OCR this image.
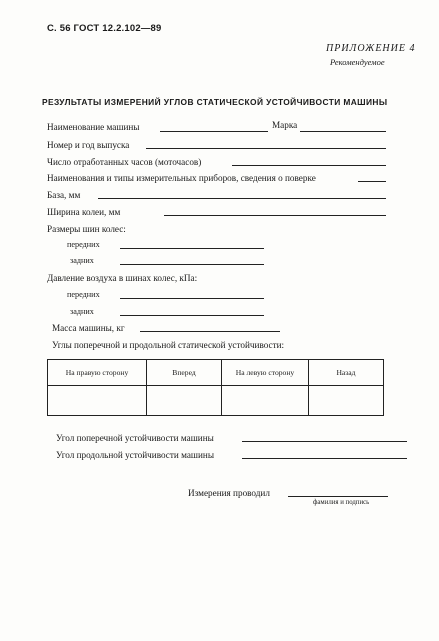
С. 56 ГОСТ 12.2.102—89
ПРИЛОЖЕНИЕ 4
Рекомендуемое
РЕЗУЛЬТАТЫ ИЗМЕРЕНИЙ УГЛОВ СТАТИЧЕСКОЙ УСТОЙЧИВОСТИ МАШИНЫ
Наименование машины	Марка
Номер и год выпуска
Число отработанных часов (моточасов)
Наименования и типы измерительных приборов, сведения о поверке
База, мм
Ширина колеи, мм
Размеры шин колес:
передних
задних
Давление воздуха в шинах колес, кПа:
передних
задних
Масса машины, кг
Углы поперечной и продольной статической устойчивости:
На правую сторону	Вперед	На левую сторону	Назад

Угол поперечной устойчивости машины
Угол продольной устойчивости машины
Измерения проводил
фамилия и подпись
